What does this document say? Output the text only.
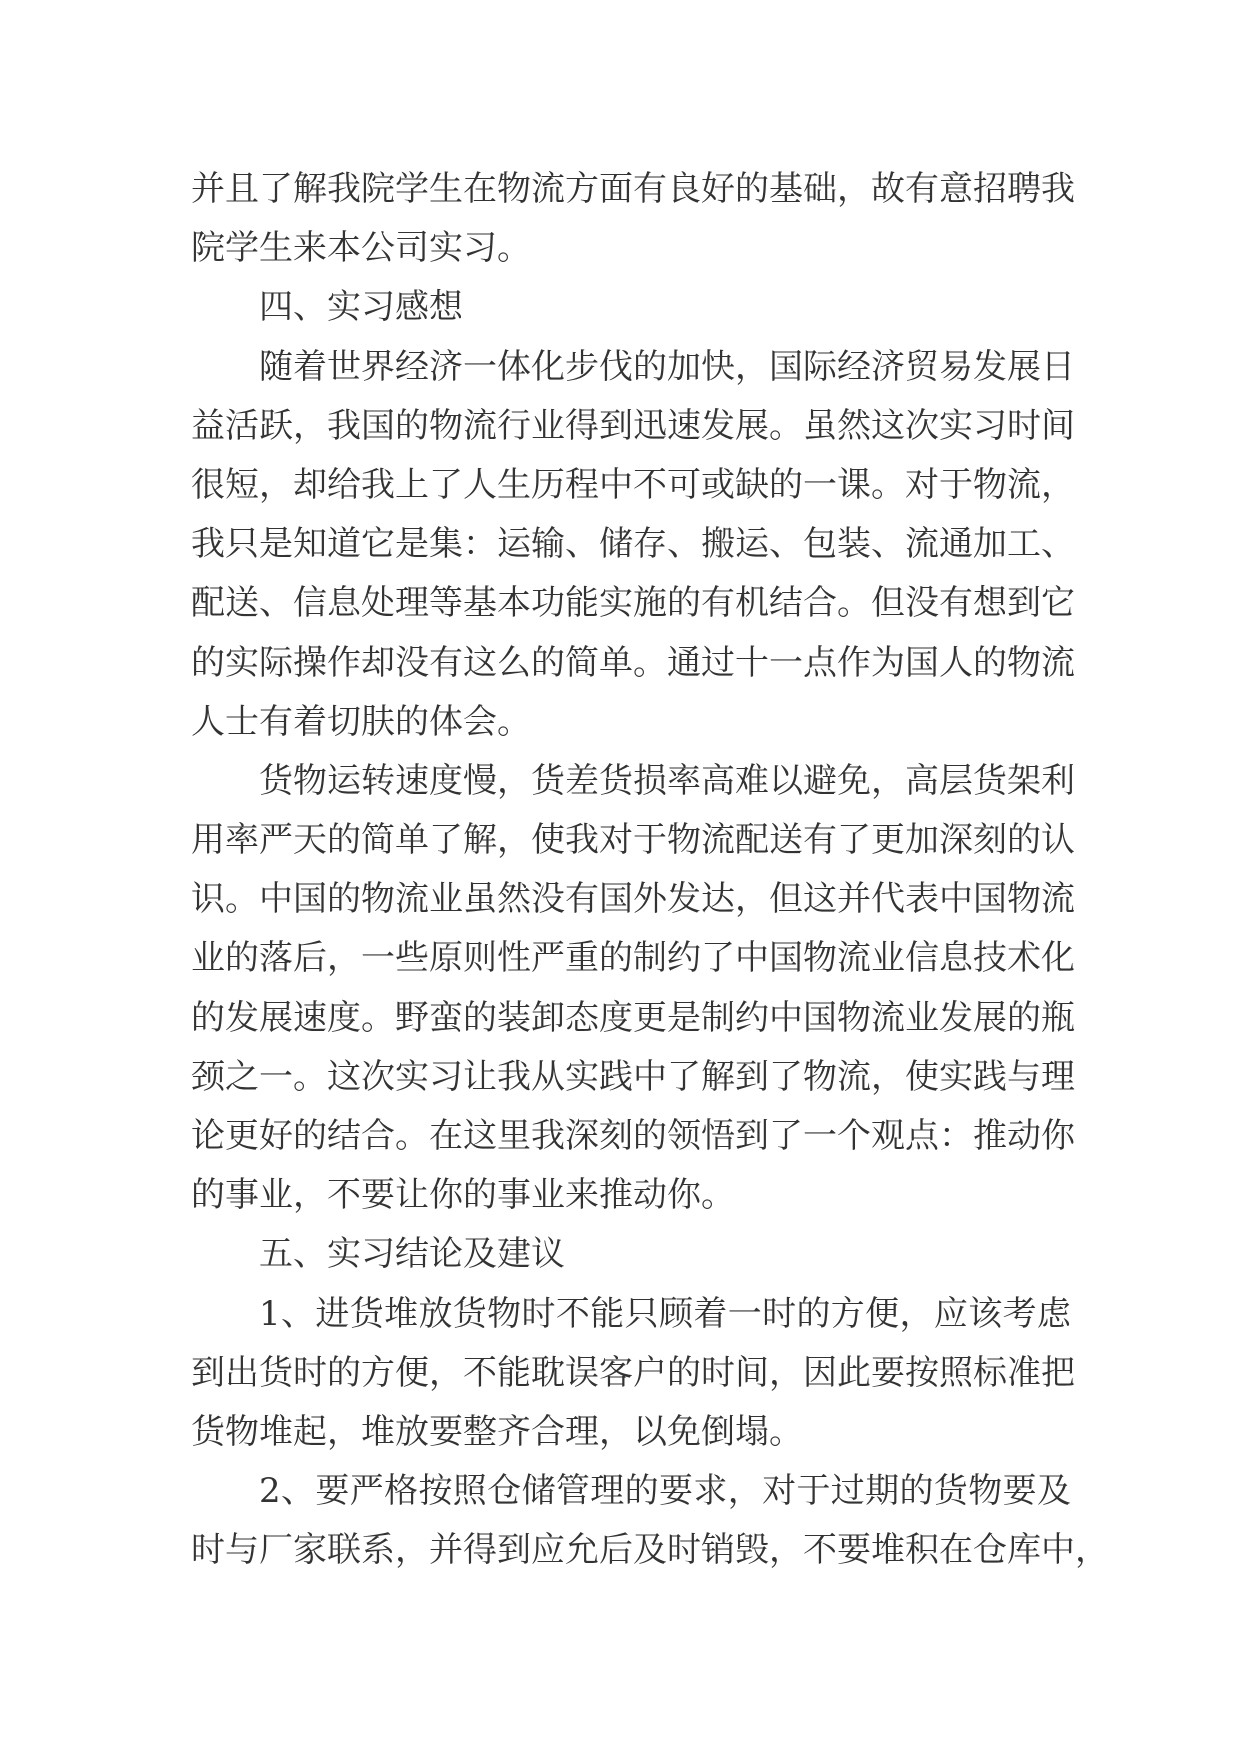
并且了解我院学生在物流方面有良好的基础，故有意招聘我
院学生来本公司实习。
四、实习感想
随着世界经济一体化步伐的加快，国际经济贸易发展日
益活跃，我国的物流行业得到迅速发展。虽然这次实习时间
很短，却给我上了人生历程中不可或缺的一课。对于物流，
我只是知道它是集：运输、储存、搬运、包装、流通加工、
配送、信息处理等基本功能实施的有机结合。但没有想到它
的实际操作却没有这么的简单。通过十一点作为国人的物流
人士有着切肤的体会。
货物运转速度慢，货差货损率高难以避免，高层货架利
用率严天的简单了解，使我对于物流配送有了更加深刻的认
识。中国的物流业虽然没有国外发达，但这并代表中国物流
业的落后，一些原则性严重的制约了中国物流业信息技术化
的发展速度。野蛮的装卸态度更是制约中国物流业发展的瓶
颈之一。这次实习让我从实践中了解到了物流，使实践与理
论更好的结合。在这里我深刻的领悟到了一个观点：推动你
的事业，不要让你的事业来推动你。
五、实习结论及建议
1、进货堆放货物时不能只顾着一时的方便，应该考虑
到出货时的方便，不能耽误客户的时间，因此要按照标准把
货物堆起，堆放要整齐合理，以免倒塌。
2、要严格按照仓储管理的要求，对于过期的货物要及
时与厂家联系，并得到应允后及时销毁，不要堆积在仓库中，
